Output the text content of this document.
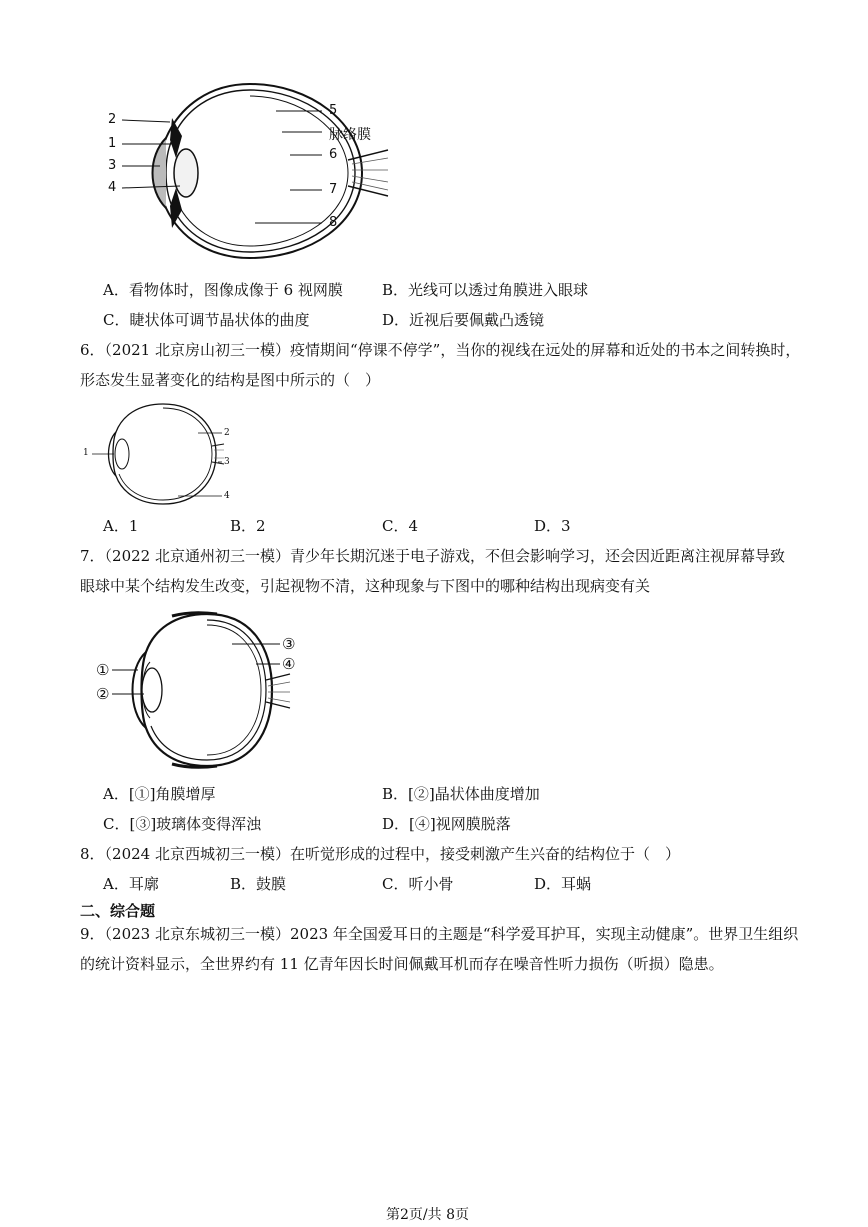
2
1
3
4
5
脉络膜
6
7
8
A．看物体时，图像成像于 6 视网膜	B．光线可以透过角膜进入眼球
C．睫状体可调节晶状体的曲度	D．近视后要佩戴凸透镜
6．（2021 北京房山初三一模）疫情期间“停课不停学”，当你的视线在远处的屏幕和近处的书本之间转换时，
形态发生显著变化的结构是图中所示的（　）
1
2
3
4
A．1	B．2	C．4	D．3
7．（2022 北京通州初三一模）青少年长期沉迷于电子游戏，不但会影响学习，还会因近距离注视屏幕导致
眼球中某个结构发生改变，引起视物不清，这种现象与下图中的哪种结构出现病变有关
①
②
③
④
A．[①]角膜增厚	B．[②]晶状体曲度增加
C．[③]玻璃体变得浑浊	D．[④]视网膜脱落
8．（2024 北京西城初三一模）在听觉形成的过程中，接受刺激产生兴奋的结构位于（　）
A．耳廓	B．鼓膜	C．听小骨	D．耳蜗
二、综合题
9．（2023 北京东城初三一模）2023 年全国爱耳日的主题是“科学爱耳护耳，实现主动健康”。世界卫生组织
的统计资料显示，全世界约有 11 亿青年因长时间佩戴耳机而存在噪音性听力损伤（听损）隐患。
第2页/共 8页
